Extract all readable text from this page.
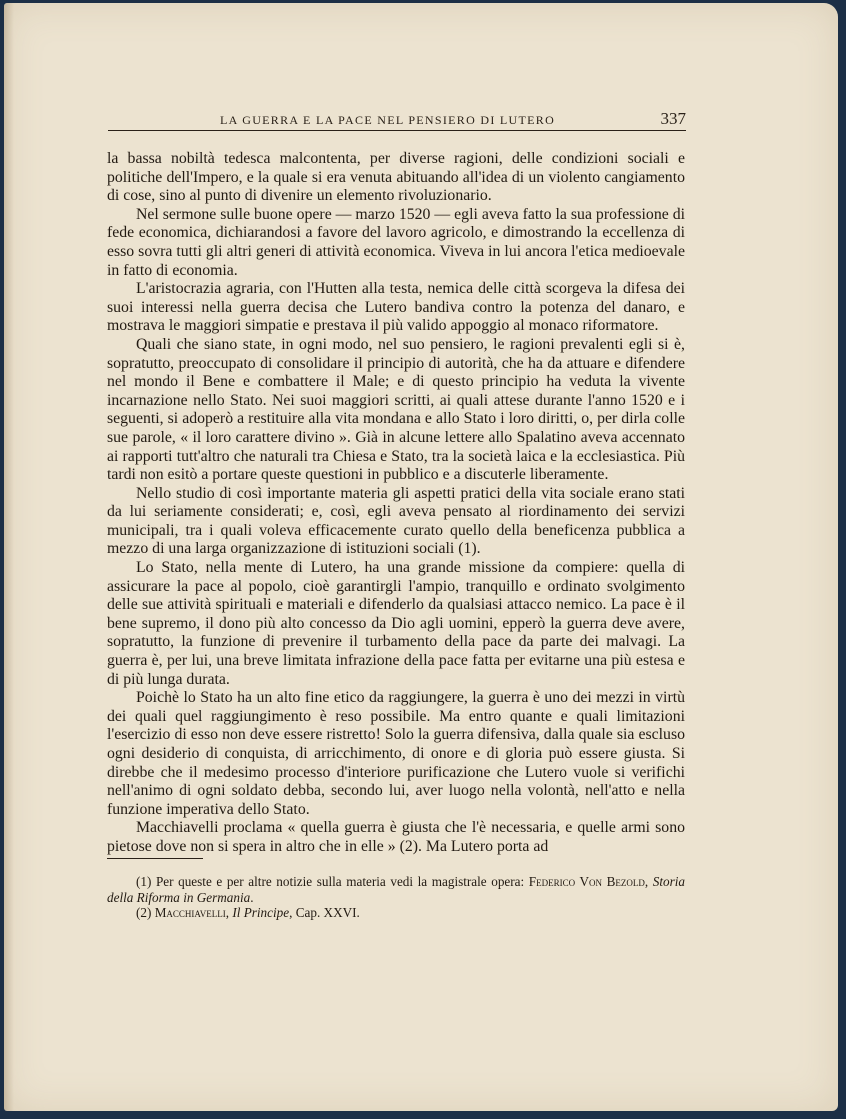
LA GUERRA E LA PACE NEL PENSIERO DI LUTERO	337

la bassa nobiltà tedesca malcontenta, per diverse ragioni, delle condizioni sociali e politiche dell'Impero, e la quale si era venuta abituando all'idea di un violento cangiamento di cose, sino al punto di divenire un elemento rivoluzionario.

Nel sermone sulle buone opere — marzo 1520 — egli aveva fatto la sua professione di fede economica, dichiarandosi a favore del lavoro agricolo, e dimostrando la eccellenza di esso sovra tutti gli altri generi di attività economica. Viveva in lui ancora l'etica medioevale in fatto di economia.

L'aristocrazia agraria, con l'Hutten alla testa, nemica delle città scorgeva la difesa dei suoi interessi nella guerra decisa che Lutero bandiva contro la potenza del danaro, e mostrava le maggiori simpatie e prestava il più valido appoggio al monaco riformatore.

Quali che siano state, in ogni modo, nel suo pensiero, le ragioni prevalenti egli si è, sopratutto, preoccupato di consolidare il principio di autorità, che ha da attuare e difendere nel mondo il Bene e combattere il Male; e di questo principio ha veduta la vivente incarnazione nello Stato. Nei suoi maggiori scritti, ai quali attese durante l'anno 1520 e i seguenti, si adoperò a restituire alla vita mondana e allo Stato i loro diritti, o, per dirla colle sue parole, « il loro carattere divino ». Già in alcune lettere allo Spalatino aveva accennato ai rapporti tutt'altro che naturali tra Chiesa e Stato, tra la società laica e la ecclesiastica. Più tardi non esitò a portare queste questioni in pubblico e a discuterle liberamente.

Nello studio di così importante materia gli aspetti pratici della vita sociale erano stati da lui seriamente considerati; e, così, egli aveva pensato al riordinamento dei servizi municipali, tra i quali voleva efficacemente curato quello della beneficenza pubblica a mezzo di una larga organizzazione di istituzioni sociali (1).

Lo Stato, nella mente di Lutero, ha una grande missione da compiere: quella di assicurare la pace al popolo, cioè garantirgli l'ampio, tranquillo e ordinato svolgimento delle sue attività spirituali e materiali e difenderlo da qualsiasi attacco nemico. La pace è il bene supremo, il dono più alto concesso da Dio agli uomini, epperò la guerra deve avere, sopratutto, la funzione di prevenire il turbamento della pace da parte dei malvagi. La guerra è, per lui, una breve limitata infrazione della pace fatta per evitarne una più estesa e di più lunga durata.

Poichè lo Stato ha un alto fine etico da raggiungere, la guerra è uno dei mezzi in virtù dei quali quel raggiungimento è reso possibile. Ma entro quante e quali limitazioni l'esercizio di esso non deve essere ristretto! Solo la guerra difensiva, dalla quale sia escluso ogni desiderio di conquista, di arricchimento, di onore e di gloria può essere giusta. Si direbbe che il medesimo processo d'interiore purificazione che Lutero vuole si verifichi nell'animo di ogni soldato debba, secondo lui, aver luogo nella volontà, nell'atto e nella funzione imperativa dello Stato.

Macchiavelli proclama « quella guerra è giusta che l'è necessaria, e quelle armi sono pietose dove non si spera in altro che in elle » (2). Ma Lutero porta ad

(1) Per queste e per altre notizie sulla materia vedi la magistrale opera: Federico Von Bezold, Storia della Riforma in Germania.

(2) Macchiavelli, Il Principe, Cap. XXVI.
